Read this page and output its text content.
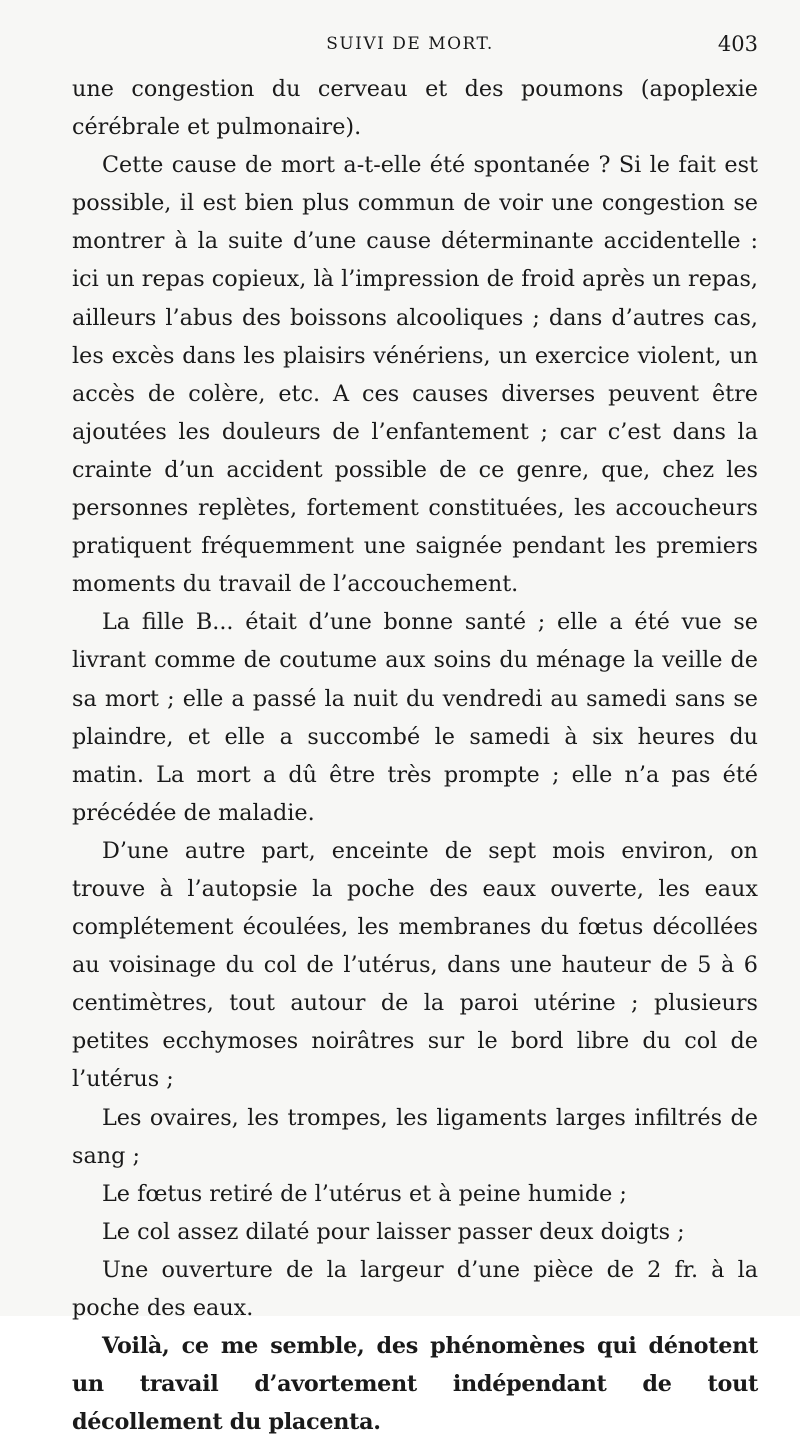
SUIVI DE MORT.	403

une congestion du cerveau et des poumons (apoplexie cérébrale et pulmonaire).

Cette cause de mort a-t-elle été spontanée ? Si le fait est possible, il est bien plus commun de voir une congestion se montrer à la suite d’une cause déterminante accidentelle : ici un repas copieux, là l’impression de froid après un repas, ailleurs l’abus des boissons alcooliques ; dans d’autres cas, les excès dans les plaisirs vénériens, un exercice violent, un accès de colère, etc. A ces causes diverses peuvent être ajoutées les douleurs de l’enfantement ; car c’est dans la crainte d’un accident possible de ce genre, que, chez les personnes replètes, fortement constituées, les accoucheurs pratiquent fréquemment une saignée pendant les premiers moments du travail de l’accouchement.

La fille B... était d’une bonne santé ; elle a été vue se livrant comme de coutume aux soins du ménage la veille de sa mort ; elle a passé la nuit du vendredi au samedi sans se plaindre, et elle a succombé le samedi à six heures du matin. La mort a dû être très prompte ; elle n’a pas été précédée de maladie.

D’une autre part, enceinte de sept mois environ, on trouve à l’autopsie la poche des eaux ouverte, les eaux complétement écoulées, les membranes du fœtus décollées au voisinage du col de l’utérus, dans une hauteur de 5 à 6 centimètres, tout autour de la paroi utérine ; plusieurs petites ecchymoses noirâtres sur le bord libre du col de l’utérus ;

Les ovaires, les trompes, les ligaments larges infiltrés de sang ;

Le fœtus retiré de l’utérus et à peine humide ;

Le col assez dilaté pour laisser passer deux doigts ;

Une ouverture de la largeur d’une pièce de 2 fr. à la poche des eaux.

Voilà, ce me semble, des phénomènes qui dénotent un travail d’avortement indépendant de tout décollement du placenta.
